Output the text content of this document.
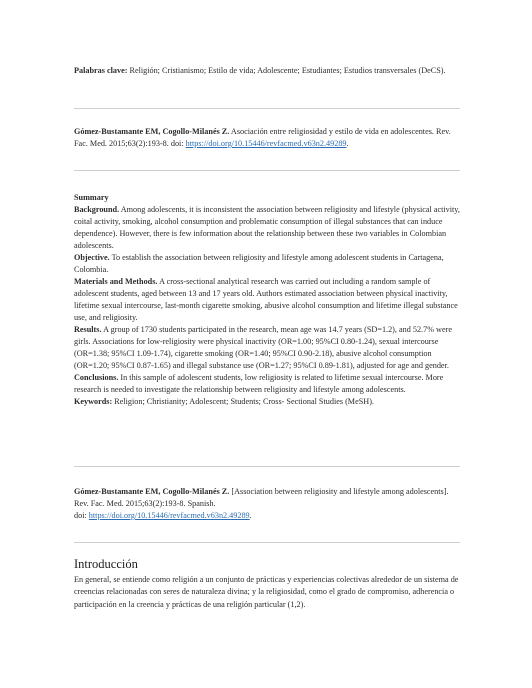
Palabras clave: Religión; Cristianismo; Estilo de vida; Adolescente; Estudiantes; Estudios transversales (DeCS).

Gómez-Bustamante EM, Cogollo-Milanés Z. Asociación entre religiosidad y estilo de vida en adolescentes. Rev. Fac. Med. 2015;63(2):193-8. doi: https://doi.org/10.15446/revfacmed.v63n2.49289.

Summary

Background. Among adolescents, it is inconsistent the association between religiosity and lifestyle (physical activity, coital activity, smoking, alcohol consumption and problematic consumption of illegal substances that can induce dependence). However, there is few information about the relationship between these two variables in Colombian adolescents.

Objective. To establish the association between religiosity and lifestyle among adolescent students in Cartagena, Colombia.

Materials and Methods. A cross-sectional analytical research was carried out including a random sample of adolescent students, aged between 13 and 17 years old. Authors estimated association between physical inactivity, lifetime sexual intercourse, last-month cigarette smoking, abusive alcohol consumption and lifetime illegal substance use, and religiosity.

Results. A group of 1730 students participated in the research, mean age was 14.7 years (SD=1.2), and 52.7% were girls. Associations for low-religiosity were physical inactivity (OR=1.00; 95%CI 0.80-1.24), sexual intercourse (OR=1.38; 95%CI 1.09-1.74), cigarette smoking (OR=1.40; 95%CI 0.90-2.18), abusive alcohol consumption (OR=1.20; 95%CI 0.87-1.65) and illegal substance use (OR=1.27; 95%CI 0.89-1.81), adjusted for age and gender.

Conclusions. In this sample of adolescent students, low religiosity is related to lifetime sexual intercourse. More research is needed to investigate the relationship between religiosity and lifestyle among adolescents.

Keywords: Religion; Christianity; Adolescent; Students; Cross- Sectional Studies (MeSH).

Gómez-Bustamante EM, Cogollo-Milanés Z. [Association between religiosity and lifestyle among adolescents]. Rev. Fac. Med. 2015;63(2):193-8. Spanish.
doi: https://doi.org/10.15446/revfacmed.v63n2.49289.

Introducción

En general, se entiende como religión a un conjunto de prácticas y experiencias colectivas alrededor de un sistema de creencias relacionadas con seres de naturaleza divina; y la religiosidad, como el grado de compromiso, adherencia o participación en la creencia y prácticas de una religión particular (1,2).
